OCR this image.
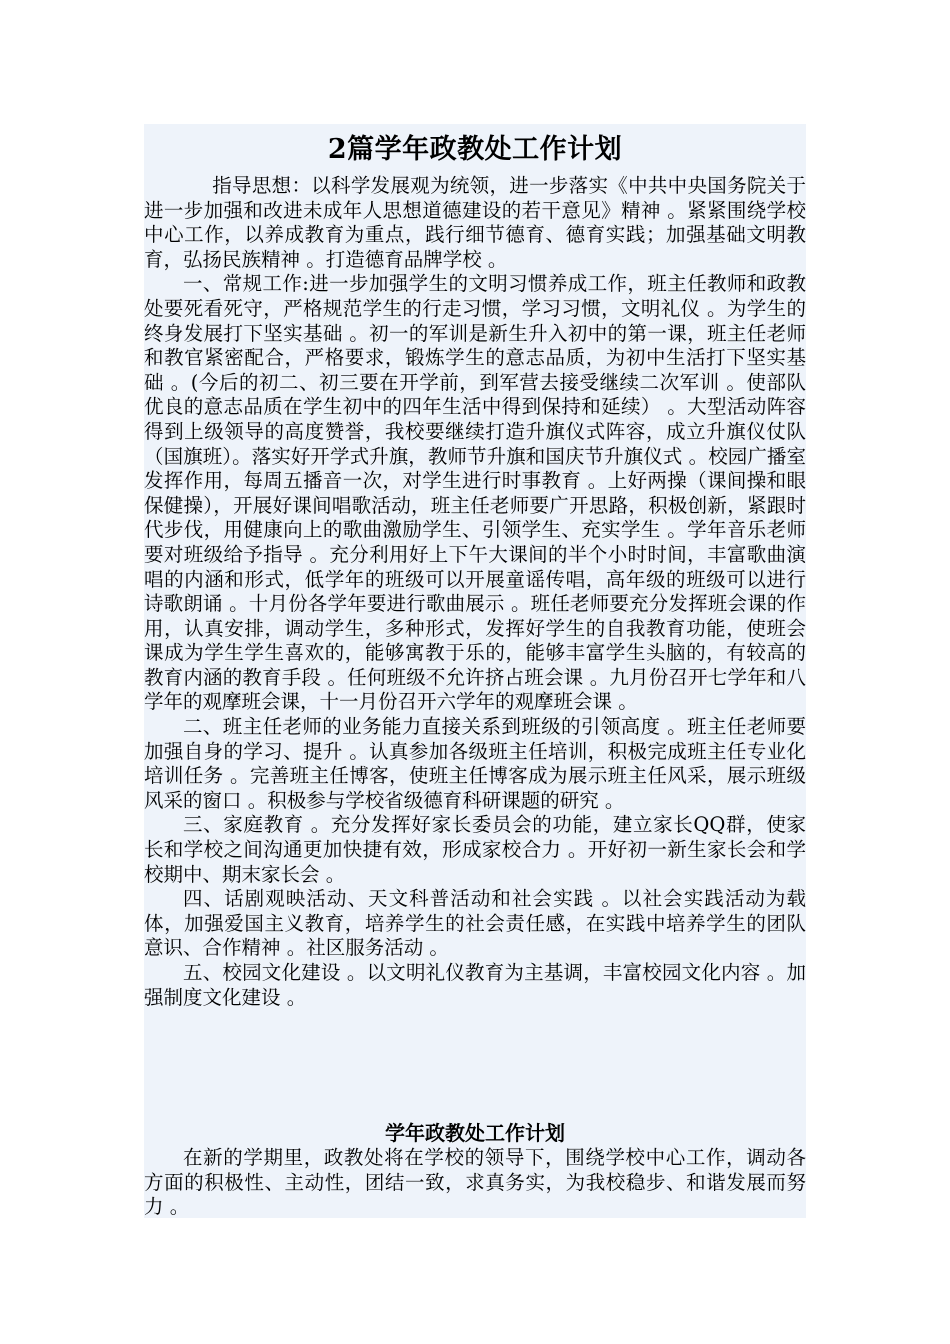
2篇学年政教处工作计划

指导思想：以科学发展观为统领，进一步落实《中共中央国务院关于进一步加强和改进未成年人思想道德建设的若干意见》精神 。紧紧围绕学校中心工作，以养成教育为重点，践行细节德育、德育实践；加强基础文明教育，弘扬民族精神 。打造德育品牌学校 。

一、常规工作:进一步加强学生的文明习惯养成工作，班主任教师和政教处要死看死守，严格规范学生的行走习惯，学习习惯，文明礼仪 。为学生的终身发展打下坚实基础 。初一的军训是新生升入初中的第一课，班主任老师和教官紧密配合，严格要求，锻炼学生的意志品质，为初中生活打下坚实基础 。(今后的初二、初三要在开学前，到军营去接受继续二次军训 。使部队优良的意志品质在学生初中的四年生活中得到保持和延续） 。大型活动阵容得到上级领导的高度赞誉，我校要继续打造升旗仪式阵容，成立升旗仪仗队（国旗班）。落实好开学式升旗，教师节升旗和国庆节升旗仪式 。校园广播室发挥作用，每周五播音一次，对学生进行时事教育 。上好两操（课间操和眼保健操），开展好课间唱歌活动，班主任老师要广开思路，积极创新，紧跟时代步伐，用健康向上的歌曲激励学生、引领学生、充实学生 。学年音乐老师要对班级给予指导 。充分利用好上下午大课间的半个小时时间，丰富歌曲演唱的内涵和形式，低学年的班级可以开展童谣传唱，高年级的班级可以进行诗歌朗诵 。十月份各学年要进行歌曲展示 。班任老师要充分发挥班会课的作用，认真安排，调动学生，多种形式，发挥好学生的自我教育功能，使班会课成为学生学生喜欢的，能够寓教于乐的，能够丰富学生头脑的，有较高的教育内涵的教育手段 。任何班级不允许挤占班会课 。九月份召开七学年和八学年的观摩班会课，十一月份召开六学年的观摩班会课 。

二、班主任老师的业务能力直接关系到班级的引领高度 。班主任老师要加强自身的学习、提升 。认真参加各级班主任培训，积极完成班主任专业化培训任务 。完善班主任博客，使班主任博客成为展示班主任风采，展示班级风采的窗口 。积极参与学校省级德育科研课题的研究 。

三、家庭教育 。充分发挥好家长委员会的功能，建立家长QQ群，使家长和学校之间沟通更加快捷有效，形成家校合力 。开好初一新生家长会和学校期中、期末家长会 。

四、话剧观映活动、天文科普活动和社会实践 。以社会实践活动为载体，加强爱国主义教育，培养学生的社会责任感，在实践中培养学生的团队意识、合作精神 。社区服务活动 。

五、校园文化建设 。以文明礼仪教育为主基调，丰富校园文化内容 。加强制度文化建设 。

学年政教处工作计划

在新的学期里，政教处将在学校的领导下，围绕学校中心工作，调动各方面的积极性、主动性，团结一致，求真务实，为我校稳步、和谐发展而努力 。
